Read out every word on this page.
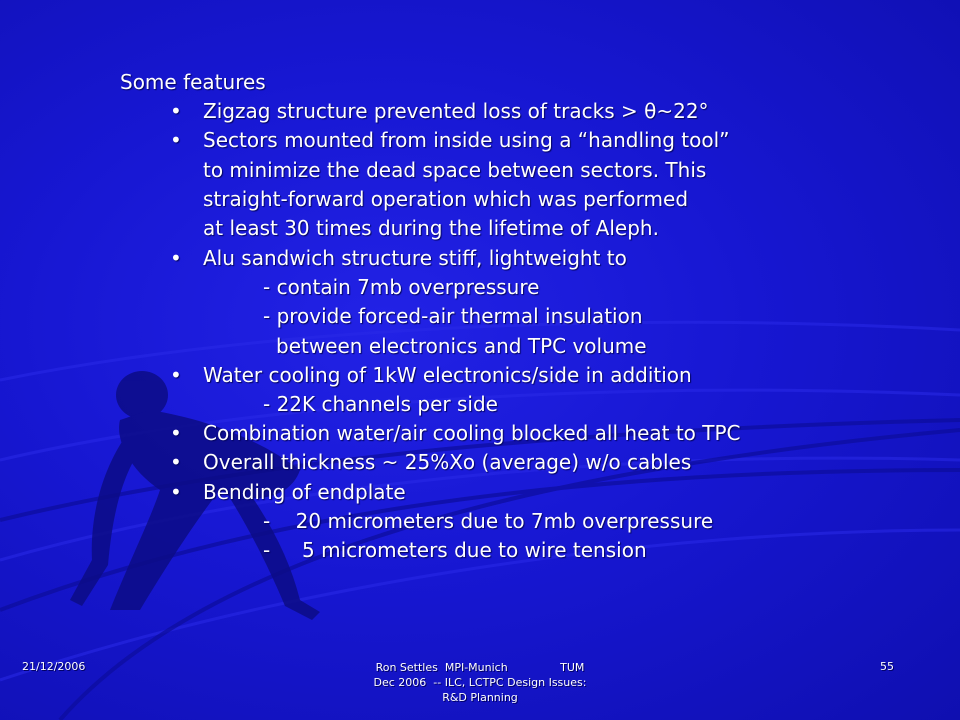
Some features
• Zigzag structure prevented loss of tracks > θ~22°
• Sectors mounted from inside using a “handling tool”
to minimize the dead space between sectors. This
straight-forward operation which was performed
at least 30 times during the lifetime of Aleph.
• Alu sandwich structure stiff, lightweight to
- contain 7mb overpressure
- provide forced-air thermal insulation
between electronics and TPC volume
• Water cooling of 1kW electronics/side in addition
- 22K channels per side
• Combination water/air cooling blocked all heat to TPC
• Overall thickness ~ 25%Xo (average) w/o cables
• Bending of endplate
-    20 micrometers due to 7mb overpressure
-     5 micrometers due to wire tension
21/12/2006	Ron Settles  MPI-Munich               TUM
Dec 2006  -- ILC, LCTPC Design Issues:
R&D Planning
55
